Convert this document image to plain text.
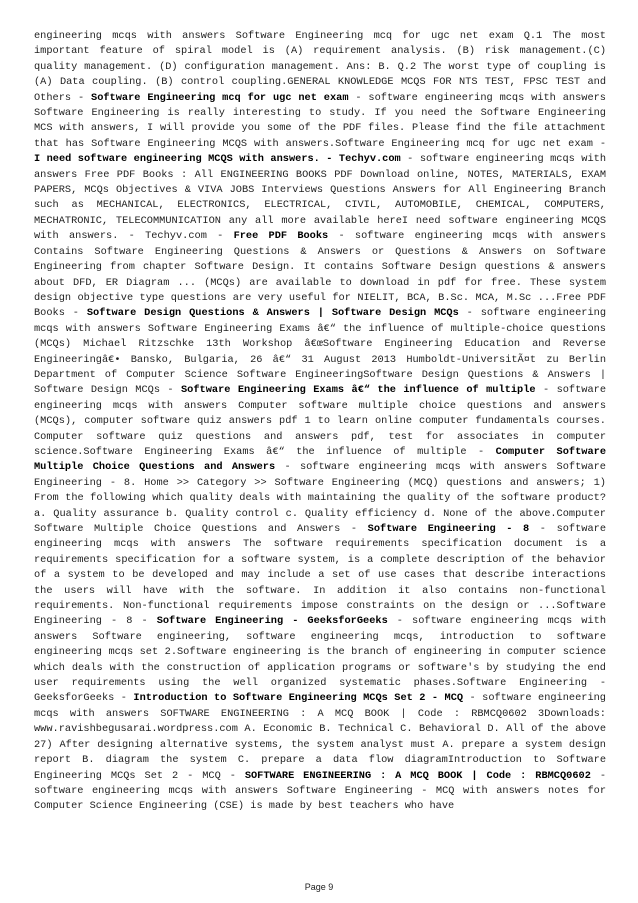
engineering mcqs with answers Software Engineering mcq for ugc net exam Q.1 The most important feature of spiral model is (A) requirement analysis. (B) risk management.(C) quality management. (D) configuration management. Ans: B. Q.2 The worst type of coupling is (A) Data coupling. (B) control coupling.GENERAL KNOWLEDGE MCQS FOR NTS TEST, FPSC TEST and Others - Software Engineering mcq for ugc net exam - software engineering mcqs with answers Software Engineering is really interesting to study. If you need the Software Engineering MCS with answers, I will provide you some of the PDF files. Please find the file attachment that has Software Engineering MCQS with answers.Software Engineering mcq for ugc net exam - I need software engineering MCQS with answers. - Techyv.com - software engineering mcqs with answers Free PDF Books : All ENGINEERING BOOKS PDF Download online, NOTES, MATERIALS, EXAM PAPERS, MCQs Objectives & VIVA JOBS Interviews Questions Answers for All Engineering Branch such as MECHANICAL, ELECTRONICS, ELECTRICAL, CIVIL, AUTOMOBILE, CHEMICAL, COMPUTERS, MECHATRONIC, TELECOMMUNICATION any all more available hereI need software engineering MCQS with answers. - Techyv.com - Free PDF Books - software engineering mcqs with answers Contains Software Engineering Questions & Answers or Questions & Answers on Software Engineering from chapter Software Design. It contains Software Design questions & answers about DFD, ER Diagram ... (MCQs) are available to download in pdf for free. These system design objective type questions are very useful for NIELIT, BCA, B.Sc. MCA, M.Sc ...Free PDF Books - Software Design Questions & Answers | Software Design MCQs - software engineering mcqs with answers Software Engineering Exams â€“ the influence of multiple-choice questions (MCQs) Michael Ritzschke 13th Workshop â€œSoftware Engineering Education and Reverse Engineeringâ€• Bansko, Bulgaria, 26 â€“ 31 August 2013 Humboldt-UniversitÃ¤t zu Berlin Department of Computer Science Software EngineeringSoftware Design Questions & Answers | Software Design MCQs - Software Engineering Exams â€“ the influence of multiple - software engineering mcqs with answers Computer software multiple choice questions and answers (MCQs), computer software quiz answers pdf 1 to learn online computer fundamentals courses. Computer software quiz questions and answers pdf, test for associates in computer science.Software Engineering Exams â€“ the influence of multiple - Computer Software Multiple Choice Questions and Answers - software engineering mcqs with answers Software Engineering - 8. Home >> Category >> Software Engineering (MCQ) questions and answers; 1) From the following which quality deals with maintaining the quality of the software product? a. Quality assurance b. Quality control c. Quality efficiency d. None of the above.Computer Software Multiple Choice Questions and Answers - Software Engineering - 8 - software engineering mcqs with answers The software requirements specification document is a requirements specification for a software system, is a complete description of the behavior of a system to be developed and may include a set of use cases that describe interactions the users will have with the software. In addition it also contains non-functional requirements. Non-functional requirements impose constraints on the design or ...Software Engineering - 8 - Software Engineering - GeeksforGeeks - software engineering mcqs with answers Software engineering, software engineering mcqs, introduction to software engineering mcqs set 2.Software engineering is the branch of engineering in computer science which deals with the construction of application programs or software's by studying the end user requirements using the well organized systematic phases.Software Engineering - GeeksforGeeks - Introduction to Software Engineering MCQs Set 2 - MCQ - software engineering mcqs with answers SOFTWARE ENGINEERING : A MCQ BOOK | Code : RBMCQ0602 3Downloads: www.ravishbegusarai.wordpress.com A. Economic B. Technical C. Behavioral D. All of the above 27) After designing alternative systems, the system analyst must A. prepare a system design report B. diagram the system C. prepare a data flow diagramIntroduction to Software Engineering MCQs Set 2 - MCQ - SOFTWARE ENGINEERING : A MCQ BOOK | Code : RBMCQ0602 - software engineering mcqs with answers Software Engineering - MCQ with answers notes for Computer Science Engineering (CSE) is made by best teachers who have
Page 9
